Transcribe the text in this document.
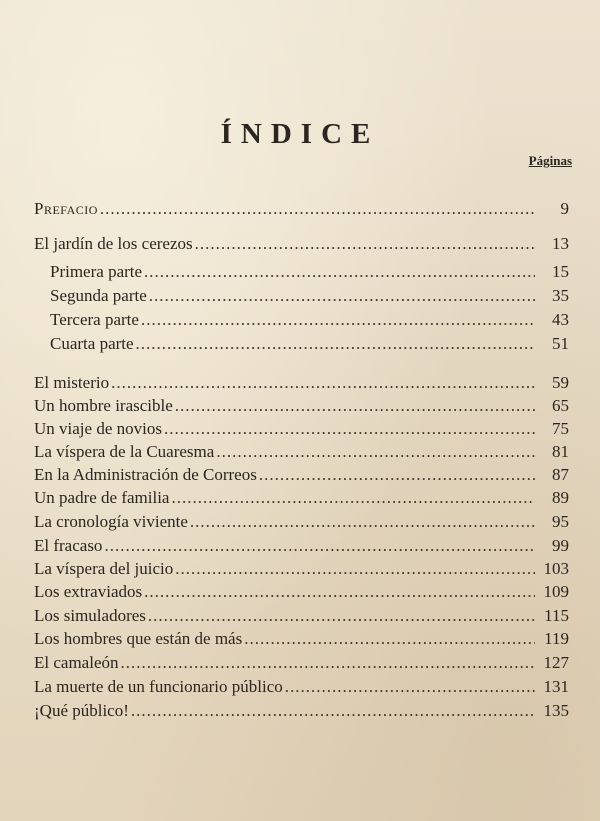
ÍNDICE
Páginas
Prefacio .....	9
El jardín de los cerezos .....	13
Primera parte .....	15
Segunda parte .....	35
Tercera parte .....	43
Cuarta parte .....	51
El misterio .....	59
Un hombre irascible .....	65
Un viaje de novios .....	75
La víspera de la Cuaresma .....	81
En la Administración de Correos .....	87
Un padre de familia .....	89
La cronología viviente .....	95
El fracaso .....	99
La víspera del juicio .....	103
Los extraviados .....	109
Los simuladores .....	115
Los hombres que están de más .....	119
El camaleón .....	127
La muerte de un funcionario público .....	131
¡Qué público! .....	135
